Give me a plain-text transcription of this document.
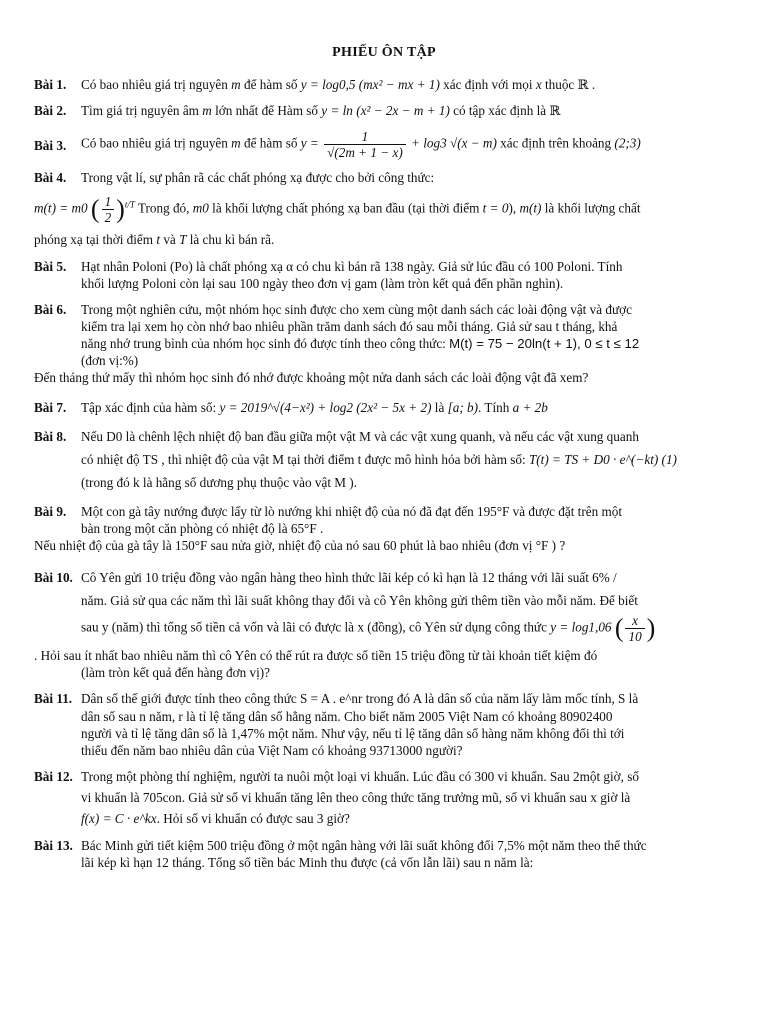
PHIẾU ÔN TẬP
Bài 1. Có bao nhiêu giá trị nguyên m để hàm số y = log0,5 (mx² − mx + 1) xác định với mọi x thuộc ℝ .
Bài 2. Tìm giá trị nguyên âm m lớn nhất để Hàm số y = ln (x² − 2x − m + 1) có tập xác định là ℝ
Bài 3. Có bao nhiêu giá trị nguyên m để hàm số $y = \frac{1}{√(2m + 1 - x)} + \log 3$ √(x − m) xác định trên khoảng (2;3)
Bài 4. Trong vật lí, sự phân rã các chất phóng xạ được cho bởi công thức:
m(t) = m0 ( $\frac{1}{2} )^{t/T}$ Trong đó, m0 là khối lượng chất phóng xạ ban đầu (tại thời điểm t = 0), m(t) là khối lượng chất
phóng xạ tại thời điểm t và T là chu kì bán rã.
Bài 5. Hạt nhân Poloni (Po) là chất phóng xạ α có chu kì bán rã 138 ngày. Giả sử lúc đầu có 100 Poloni. Tính
khối lượng Poloni còn lại sau 100 ngày theo đơn vị gam (làm tròn kết quả đến phần nghìn).
Bài 6. Trong một nghiên cứu, một nhóm học sinh được cho xem cùng một danh sách các loài động vật và được
kiểm tra lại xem họ còn nhớ bao nhiêu phần trăm danh sách đó sau mỗi tháng. Giả sử sau t tháng, khả
năng nhớ trung bình của nhóm học sinh đó được tính theo công thức: M(t) = 75 − 20ln(t + 1), 0 ≤ t ≤ 12
(đơn vị:%)
Đến tháng thứ mấy thì nhóm học sinh đó nhớ được khoảng một nửa danh sách các loài động vật đã xem?
Bài 7. Tập xác định của hàm số: y = 2019^√(4−x²) + log2 (2x² − 5x + 2) là [a; b). Tính a + 2b
Bài 8. Nếu D0 là chênh lệch nhiệt độ ban đầu giữa một vật M và các vật xung quanh, và nếu các vật xung quanh
có nhiệt độ TS , thì nhiệt độ của vật M tại thời điểm t được mô hình hóa bởi hàm số: T(t) = TS + D0 · e^(−kt) (1)
(trong đó k là hằng số dương phụ thuộc vào vật M ).
Bài 9. Một con gà tây nướng được lấy từ lò nướng khi nhiệt độ của nó đã đạt đến 195°F và được đặt trên một
bàn trong một căn phòng có nhiệt độ là 65°F .
Nếu nhiệt độ của gà tây là 150°F sau nửa giờ, nhiệt độ của nó sau 60 phút là bao nhiêu (đơn vị °F ) ?
Bài 10. Cô Yên gửi 10 triệu đồng vào ngân hàng theo hình thức lãi kép có kì hạn là 12 tháng với lãi suất 6% /
năm. Giả sử qua các năm thì lãi suất không thay đổi và cô Yên không gửi thêm tiền vào mỗi năm. Để biết
sau y (năm) thì tổng số tiền cả vốn và lãi có được là x (đồng), cô Yên sử dụng công thức y = log1,06 ( $\frac{x}{10}$ )
. Hỏi sau ít nhất bao nhiêu năm thì cô Yên có thể rút ra được số tiền 15 triệu đồng từ tài khoản tiết kiệm đó
(làm tròn kết quả đến hàng đơn vị)?
Bài 11. Dân số thế giới được tính theo công thức S = A . e^nr trong đó A là dân số của năm lấy làm mốc tính, S là
dân số sau n năm, r là tỉ lệ tăng dân số hằng năm. Cho biết năm 2005 Việt Nam có khoảng 80902400
người và tỉ lệ tăng dân số là 1,47% một năm. Như vậy, nếu tỉ lệ tăng dân số hàng năm không đổi thì tới
thiểu đến năm bao nhiêu dân của Việt Nam có khoảng 93713000 người?
Bài 12. Trong một phòng thí nghiệm, người ta nuôi một loại vi khuẩn. Lúc đầu có 300 vi khuẩn. Sau 2một giờ, số
vi khuẩn là 705con. Giả sử số vi khuẩn tăng lên theo công thức tăng trưởng mũ, số vi khuẩn sau x giờ là
f(x) = C · e^kx. Hỏi số vi khuẩn có được sau 3 giờ?
Bài 13. Bác Minh gửi tiết kiệm 500 triệu đồng ở một ngân hàng với lãi suất không đổi 7,5% một năm theo thể thức
lãi kép kì hạn 12 tháng. Tổng số tiền bác Minh thu được (cả vốn lẫn lãi) sau n năm là:
